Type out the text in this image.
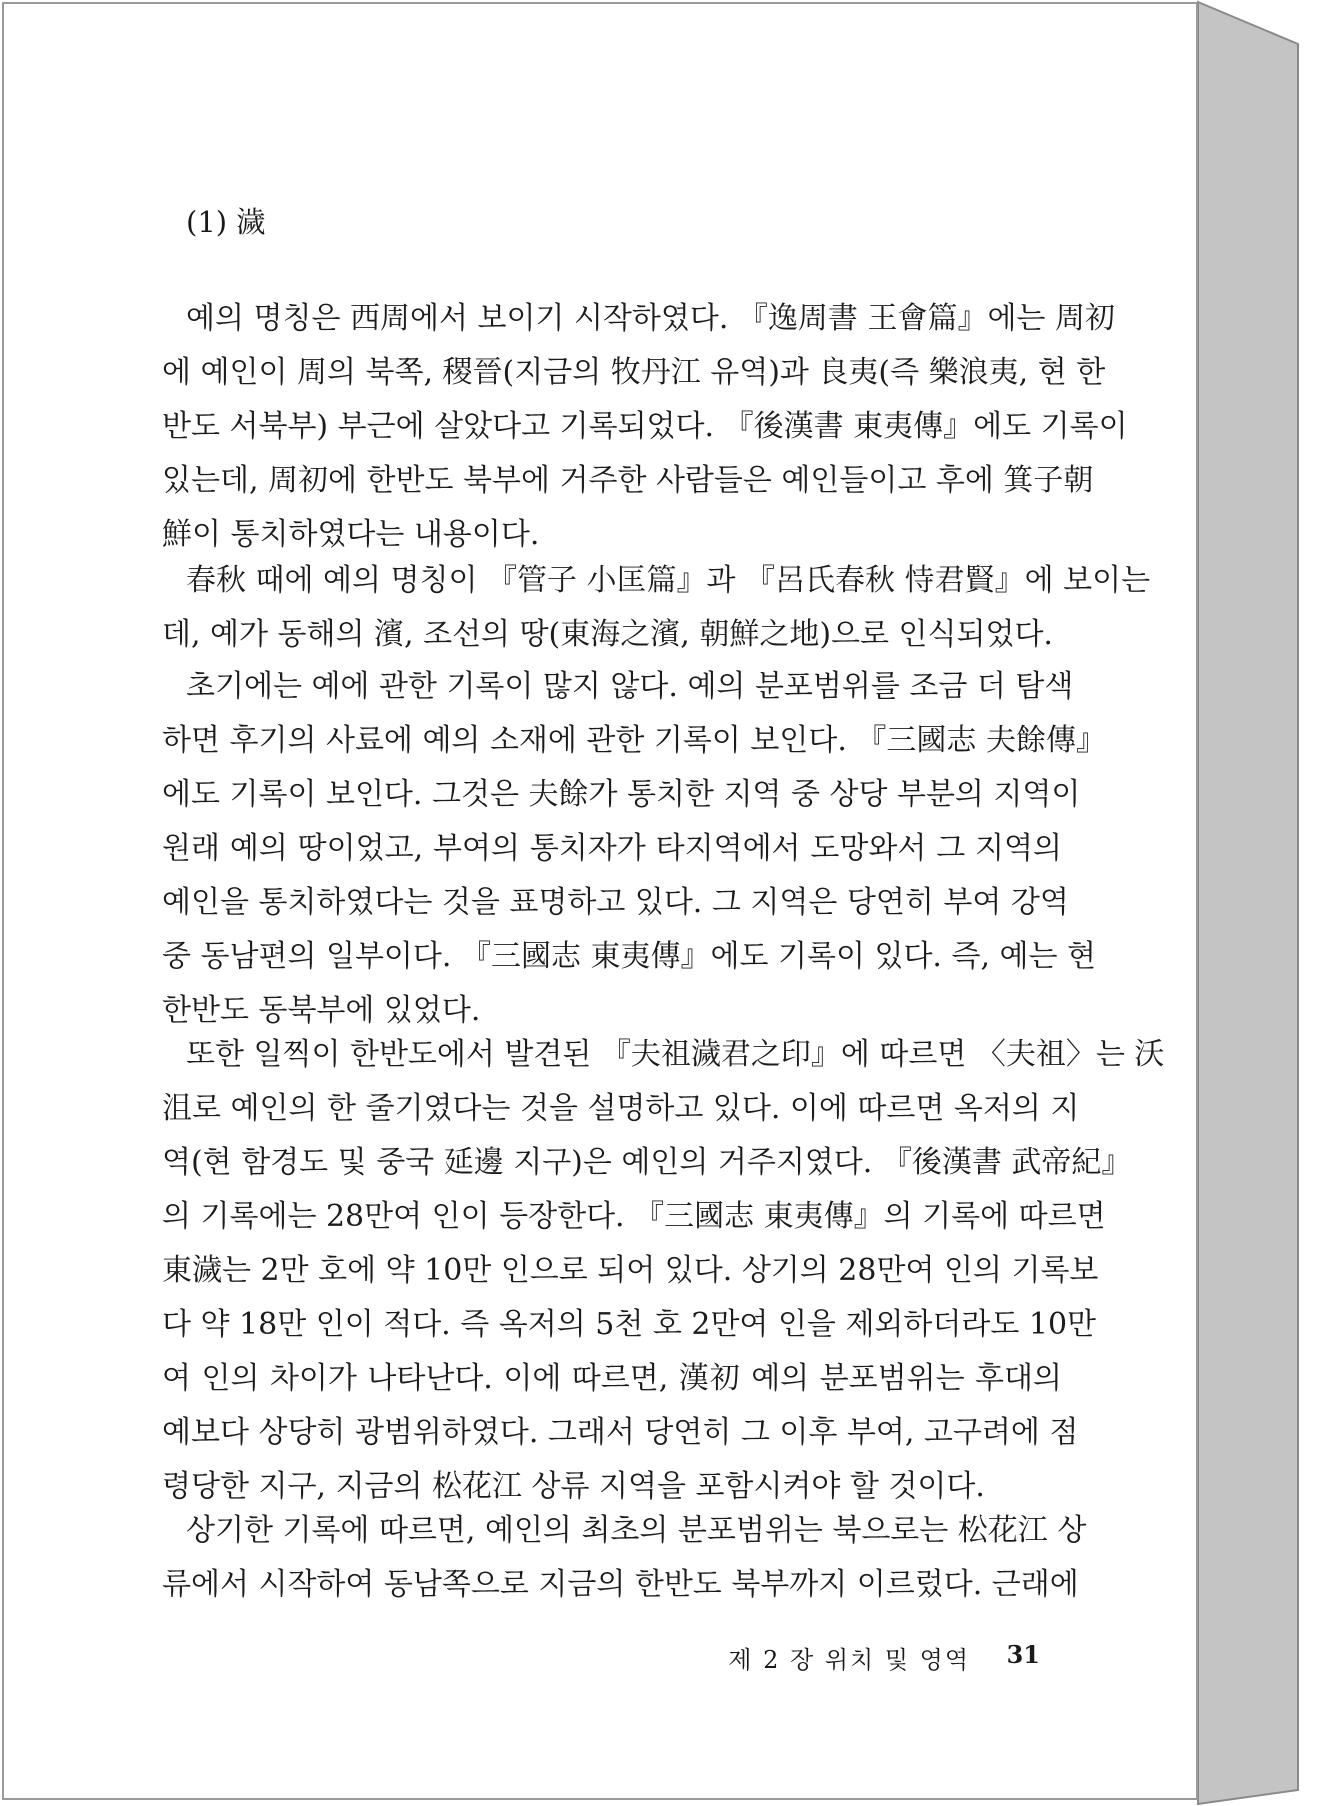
(1) 濊
예의 명칭은 西周에서 보이기 시작하였다. 『逸周書 王會篇』에는 周初
에 예인이 周의 북쪽, 稷晉(지금의 牧丹江 유역)과 良夷(즉 樂浪夷, 현 한
반도 서북부) 부근에 살았다고 기록되었다. 『後漢書 東夷傳』에도 기록이
있는데, 周初에 한반도 북부에 거주한 사람들은 예인들이고 후에 箕子朝
鮮이 통치하였다는 내용이다.
春秋 때에 예의 명칭이 『管子 小匡篇』과 『呂氏春秋 恃君賢』에 보이는
데, 예가 동해의 濱, 조선의 땅(東海之濱, 朝鮮之地)으로 인식되었다.
초기에는 예에 관한 기록이 많지 않다. 예의 분포범위를 조금 더 탐색
하면 후기의 사료에 예의 소재에 관한 기록이 보인다. 『三國志 夫餘傳』
에도 기록이 보인다. 그것은 夫餘가 통치한 지역 중 상당 부분의 지역이
원래 예의 땅이었고, 부여의 통치자가 타지역에서 도망와서 그 지역의
예인을 통치하였다는 것을 표명하고 있다. 그 지역은 당연히 부여 강역
중 동남편의 일부이다. 『三國志 東夷傳』에도 기록이 있다. 즉, 예는 현
한반도 동북부에 있었다.
또한 일찍이 한반도에서 발견된 『夫祖濊君之印』에 따르면 〈夫祖〉는 沃
沮로 예인의 한 줄기였다는 것을 설명하고 있다. 이에 따르면 옥저의 지
역(현 함경도 및 중국 延邊 지구)은 예인의 거주지였다. 『後漢書 武帝紀』
의 기록에는 28만여 인이 등장한다. 『三國志 東夷傳』의 기록에 따르면
東濊는 2만 호에 약 10만 인으로 되어 있다. 상기의 28만여 인의 기록보
다 약 18만 인이 적다. 즉 옥저의 5천 호 2만여 인을 제외하더라도 10만
여 인의 차이가 나타난다. 이에 따르면, 漢初 예의 분포범위는 후대의
예보다 상당히 광범위하였다. 그래서 당연히 그 이후 부여, 고구려에 점
령당한 지구, 지금의 松花江 상류 지역을 포함시켜야 할 것이다.
상기한 기록에 따르면, 예인의 최초의 분포범위는 북으로는 松花江 상
류에서 시작하여 동남쪽으로 지금의 한반도 북부까지 이르렀다. 근래에
제 2 장 위치 및 영역 31
